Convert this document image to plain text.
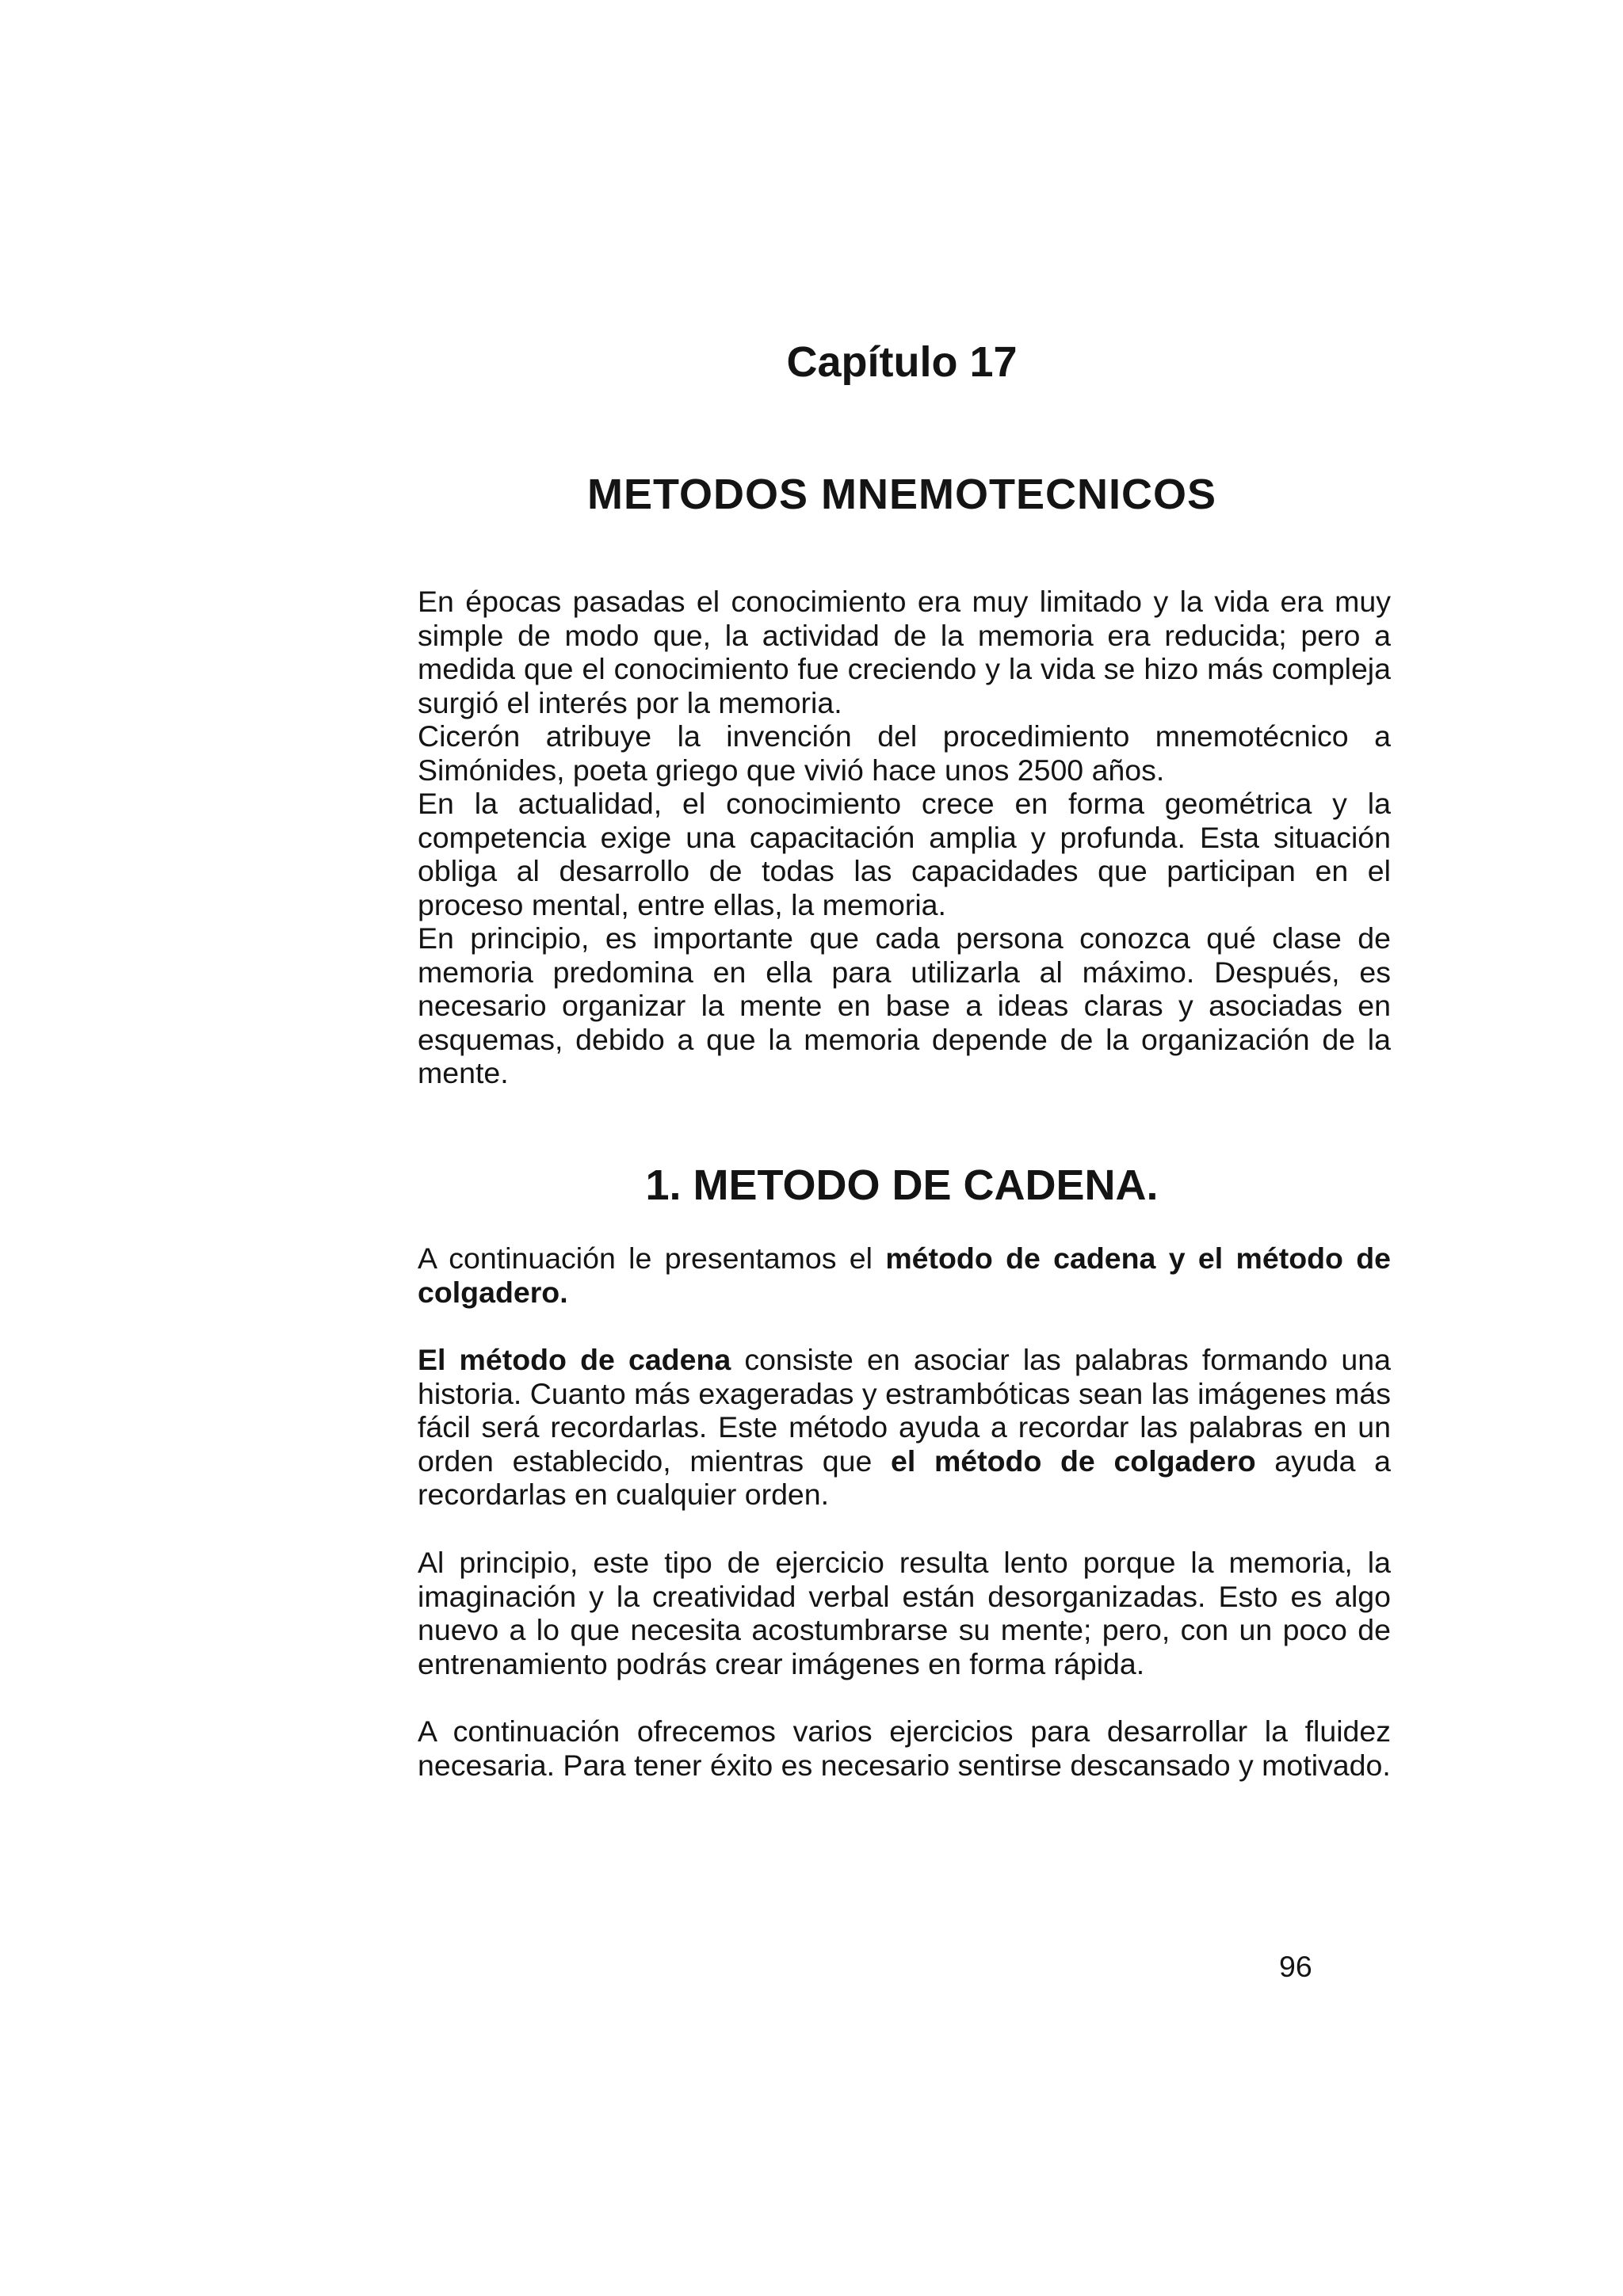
Capítulo 17
METODOS MNEMOTECNICOS

En épocas pasadas el conocimiento era muy limitado y la vida era muy simple de modo que, la actividad de la memoria era reducida; pero a medida que el conocimiento fue creciendo y la vida se hizo más compleja surgió el interés por la memoria.

Cicerón atribuye la invención del procedimiento mnemotécnico a Simónides, poeta griego que vivió hace unos 2500 años.

En la actualidad, el conocimiento crece en forma geométrica y la competencia exige una capacitación amplia y profunda. Esta situación obliga al desarrollo de todas las capacidades que participan en el proceso mental, entre ellas, la memoria.

En principio, es importante que cada persona conozca qué clase de memoria predomina en ella para utilizarla al máximo. Después, es necesario organizar la mente en base a ideas claras y asociadas en esquemas, debido a que la memoria depende de la organización de la mente.

1. METODO DE CADENA.

A continuación le presentamos el método de cadena y el método de colgadero.

El método de cadena consiste en asociar las palabras formando una historia. Cuanto más exageradas y estrambóticas sean las imágenes más fácil será recordarlas. Este método ayuda a recordar las palabras en un orden establecido, mientras que el método de colgadero ayuda a recordarlas en cualquier orden.

Al principio, este tipo de ejercicio resulta lento porque la memoria, la imaginación y la creatividad verbal están desorganizadas. Esto es algo nuevo a lo que necesita acostumbrarse su mente; pero, con un poco de entrenamiento podrás crear imágenes en forma rápida.

A continuación ofrecemos varios ejercicios para desarrollar la fluidez necesaria. Para tener éxito es necesario sentirse descansado y motivado.

96
